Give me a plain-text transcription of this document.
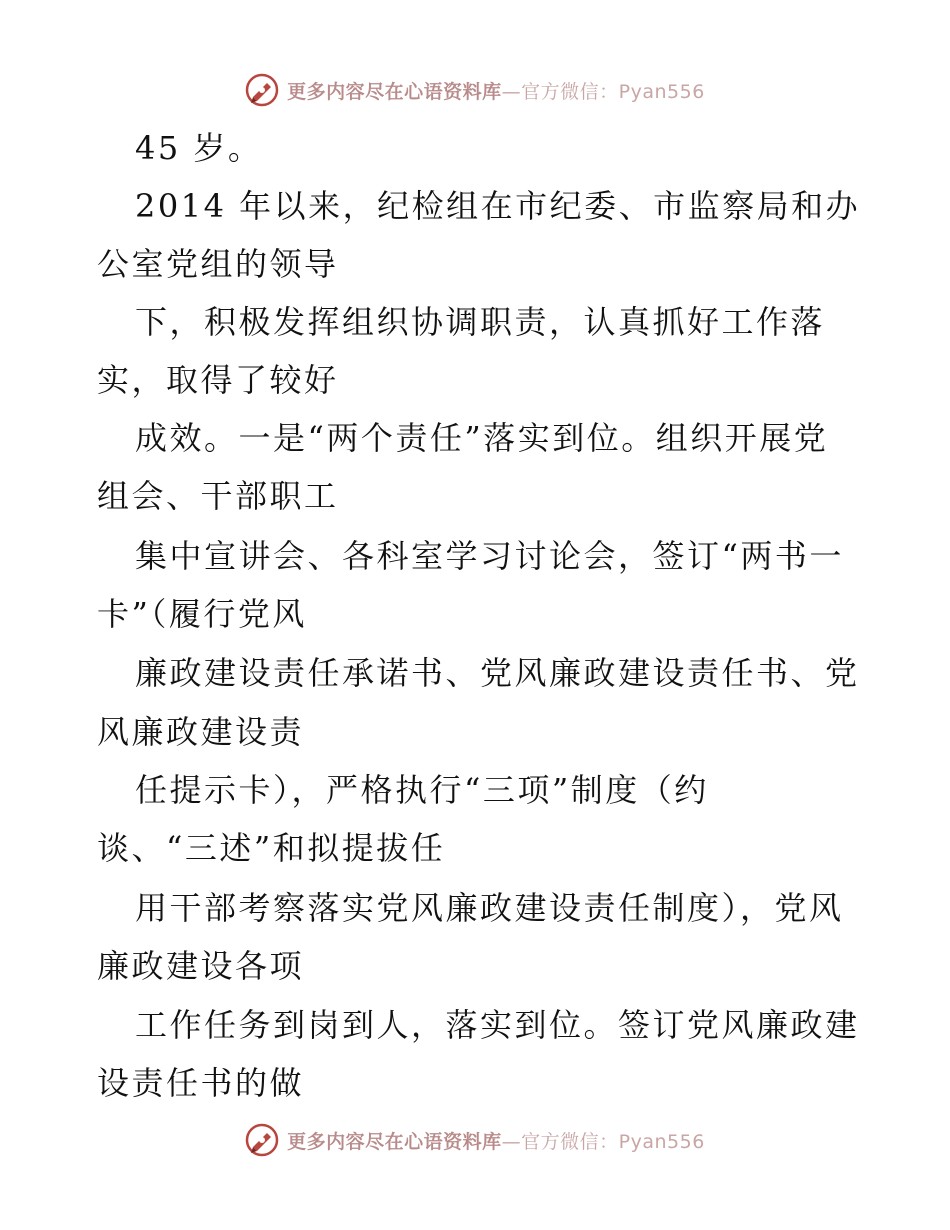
更多内容尽在心语资料库—官方微信：Pyan556
45 岁。
2014 年以来，纪检组在市纪委、市监察局和办
公室党组的领导
下，积极发挥组织协调职责，认真抓好工作落
实，取得了较好
成效。一是“两个责任”落实到位。组织开展党
组会、干部职工
集中宣讲会、各科室学习讨论会，签订“两书一
卡”（履行党风
廉政建设责任承诺书、党风廉政建设责任书、党
风廉政建设责
任提示卡），严格执行“三项”制度（约
谈、“三述”和拟提拔任
用干部考察落实党风廉政建设责任制度），党风
廉政建设各项
工作任务到岗到人，落实到位。签订党风廉政建
设责任书的做
更多内容尽在心语资料库—官方微信：Pyan556
